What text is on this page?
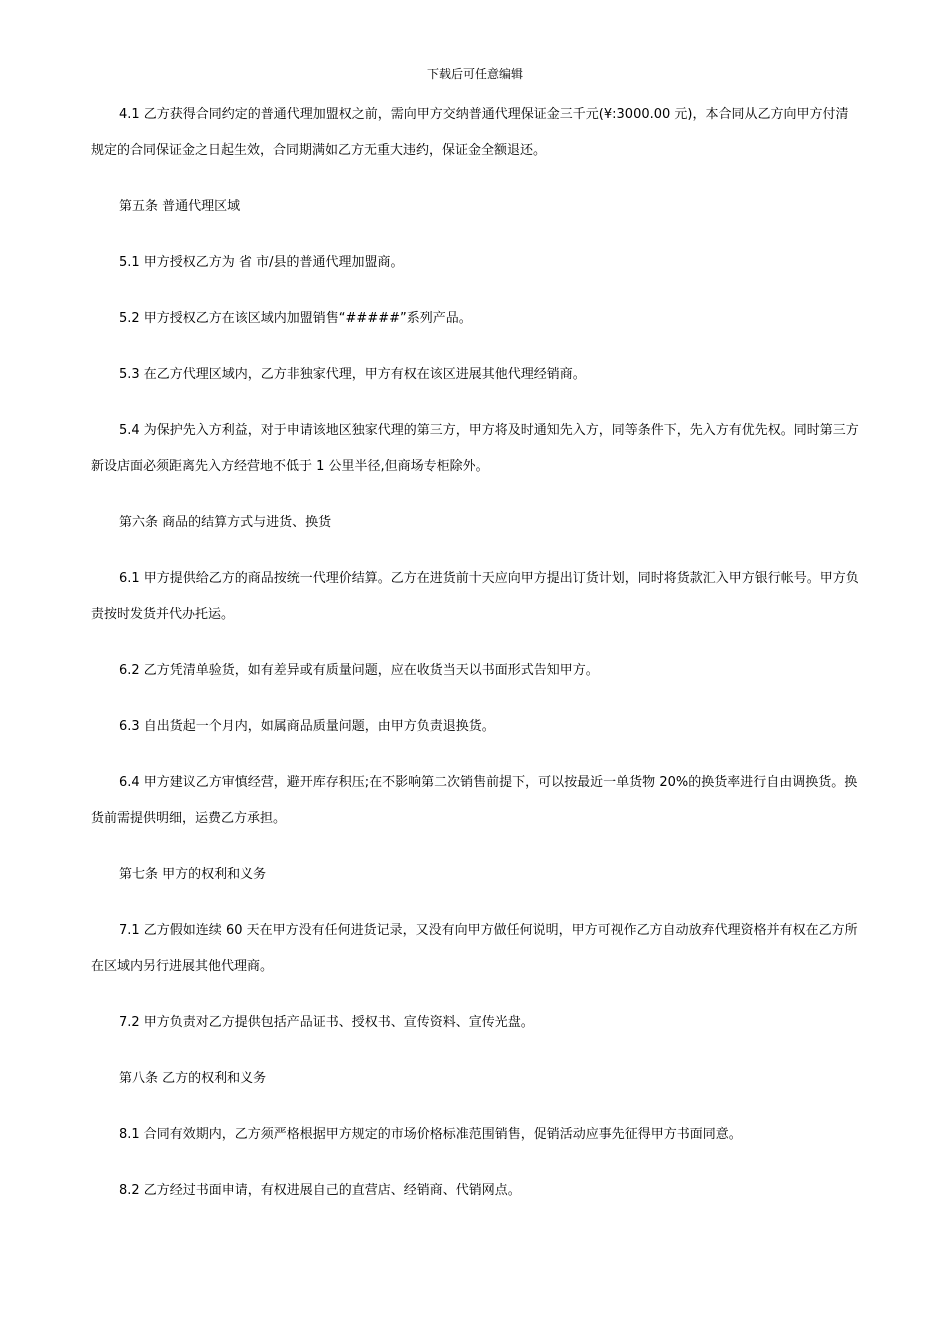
下载后可任意编辑

4.1 乙方获得合同约定的普通代理加盟权之前，需向甲方交纳普通代理保证金三千元(¥:3000.00 元)，本合同从乙方向甲方付清规定的合同保证金之日起生效，合同期满如乙方无重大违约，保证金全额退还。

第五条 普通代理区域

5.1 甲方授权乙方为 省 市/县的普通代理加盟商。

5.2 甲方授权乙方在该区域内加盟销售“#####”系列产品。

5.3 在乙方代理区域内，乙方非独家代理，甲方有权在该区进展其他代理经销商。

5.4 为保护先入方利益，对于申请该地区独家代理的第三方，甲方将及时通知先入方，同等条件下，先入方有优先权。同时第三方新设店面必须距离先入方经营地不低于 1 公里半径,但商场专柜除外。

第六条 商品的结算方式与进货、换货

6.1 甲方提供给乙方的商品按统一代理价结算。乙方在进货前十天应向甲方提出订货计划，同时将货款汇入甲方银行帐号。甲方负责按时发货并代办托运。

6.2 乙方凭清单验货，如有差异或有质量问题，应在收货当天以书面形式告知甲方。

6.3 自出货起一个月内，如属商品质量问题，由甲方负责退换货。

6.4 甲方建议乙方审慎经营，避开库存积压;在不影响第二次销售前提下，可以按最近一单货物 20%的换货率进行自由调换货。换货前需提供明细，运费乙方承担。

第七条 甲方的权利和义务

7.1 乙方假如连续 60 天在甲方没有任何进货记录，又没有向甲方做任何说明，甲方可视作乙方自动放弃代理资格并有权在乙方所在区域内另行进展其他代理商。

7.2 甲方负责对乙方提供包括产品证书、授权书、宣传资料、宣传光盘。

第八条 乙方的权利和义务

8.1 合同有效期内，乙方须严格根据甲方规定的市场价格标准范围销售，促销活动应事先征得甲方书面同意。

8.2 乙方经过书面申请，有权进展自己的直营店、经销商、代销网点。
